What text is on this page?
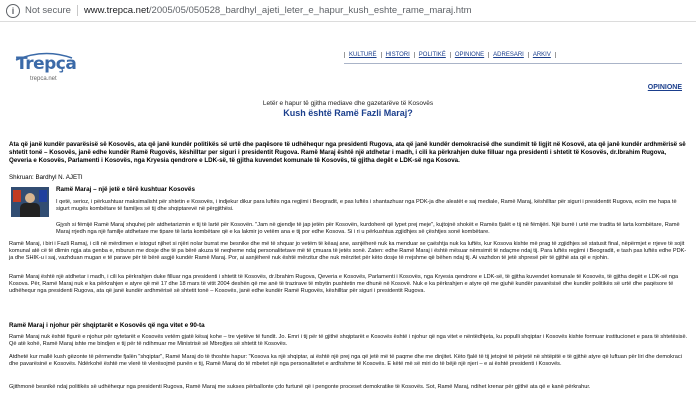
i	Not secure www.trepca.net/2005/05/050528_bardhyl_ajeti_leter_e_hapur_kush_eshte_rame_maraj.htm
Trepça
trepca.net
KULTURË	HISTORI	POLITIKË	OPINIONE	ADRESARI	ARKIV
OPINIONE
Letër e hapur të gjitha mediave dhe gazetarëve të Kosovës
Kush është Ramë Fazli Maraj?
Ata që janë kundër pavarësisë së Kosovës, ata që janë kundër politikës së urtë dhe paqësore të udhëhequr nga presidenti Rugova, ata që janë kundër demokracisë dhe sundimit të ligjit në Kosovë, ata që janë kundër ardhmërisë së shtetit tonë – Kosovës, janë edhe kundër Ramë Rugovës, këshilltar per siguri i presidentit Rugova. Ramë Maraj është një atdhetar i madh, i cili ka përkrahjen duke filluar nga presidenti i shtetit të Kosovës, dr.Ibrahim Rugova, Qeveria e Kosovës, Parlamenti i Kosovës, nga Kryesia qendrore e LDK-së, të gjitha kuvendet komunale të Kosovës, të gjitha degët e LDK-së nga Kosova.
Shkruan: Bardhyl N. AJETI
Ramë Maraj – një jetë e tërë kushtuar Kosovës
I qetë, serioz, i përkushtuar maksimalisht për shtetin e Kosovës, i indjekur dikur para luftës nga regjimi i Beogradit, e pas luftës i shantazhuar nga PDK-ja dhe aleatët e saj mediale, Ramë Maraj, këshilltar për siguri i presidentit Rugova, ecën me hapa të sigurt mugës kombëtare të familjes së tij dhe shqiptarevë në përgjithësi.
Gjysh si fëmijë Ramë Maraj shquhej për atdhetarizmin e tij të lartë për Kosovën. "Jam në gjendje të jap jetën për Kosovën, kurdoherë që lypet prej meje", kujtojnë shokët e Ramës fjalët e tij në fëmijëri. Një burrë i urtë me tradita të larta kombëtare, Ramë Maraj rrjedh nga një familje atdhetare me tipare të larta kombëtare që e ka lakmir jo vetëm ana e tij por edhe Kosova. Si i ri u përkushtua zgjidhjes së çështjes sonë kombëtare.
Ramë Maraj, i biri i Fazli Ramaj, i cili në mërdimen e istogut njihet si njëri nolar burrat me besnike dhe më të shquar jo vetëm të këaaj ane, asnjëherë nuk ka menduar se çaështja nuk ka luftës, kur Kosova kishte më prag të zgjidhjes së statusit final, nëpërmjet e rrjeve të sojit komunal atë cë të dlimin ngja ata genba e, mburun me dosje dhe të pa bërë akuza të neqheme ndaj personalitetave më të çmuara të jetës sonë. Zaten: edhe Ramë Maraj i është mësuar nëmsimit të ndaçme ndaj tij. Para luftës regjimi i Beogradit, e tash pas luftës edhe PDK-ja dhe SHIK-u i saj, vazhduan mugan e të parave për të bërë asgjë kundër Ramë Maraj. Por, ai asnjëherë nuk është mërzitur dhe nuk mërzitet për këto dosje të rrejshme që bëhen ndaj tij. Ai vazhdon të jetë shpresë për të gjithë ata që e njohin.
Ramë Maraj është një atdhetar i madh, i cili ka përkrahjen duke filluar nga presidenti i shtetit të Kosovës, dr.Ibrahim Rugova, Qeveria e Kosovës, Parlamenti i Kosovës, nga Kryesia qendrore e LDK-së, të gjitha kuvendet komunale të Kosovës, të gjitha degët e LDK-së nga Kosova. Për, Ramë Maraj nuk e ka përkrahjen e atyre që më 17 dhe 18 mars të vitit 2004 deshën që me anë të trazirave të mbytin pushtetin me dhunë në Kosovë. Nuk e ka përkrahjen e atyre që me gjuhë kundër pavarësisë dhe kundër politikës së urtë dhe paqësore të udhëhequr nga presidenti Rugova, ata që janë kundër ardhmërisë së shtetit tonë – Kosovës, janë edhe kundër Ramë Rugovës, këshilltar për siguri i presidentit Rugova.
Ramë Maraj i njohur për shqiptarët e Kosovës që nga vitet e 90-ta
Ramë Maraj nuk është figurë e njohur për qytetarët e Kosovës vetëm gjatë kësaj kohe – tre vjetëve të fundit. Jo. Emri i tij për të gjithë shqiptarët e Kosovës është i njohur që nga vitet e nëntëdhjeta, ku populli shqiptar i Kosovës kishte formuar institucionet e para të shtetësisë. Që atë kohë, Ramë Maraj ishte me bindjen e tij për të ndihmuar me Ministrisë së Mbrojtjes së shtetit të Kosovës.
Atdhetë kur mallë kush gëzonte të përmendte fjalën "shqiptar", Ramë Maraj do të thoshte hapur: "Kosova ka një shqiptar, ai është një prej nga që jetë më të paqme dhe me dinjitet. Këto fjalë të tij jetojnë të përjetë në shtëpitë e të gjithë atyre që luftuan për liri dhe demokraci dhe pavarësinë e Kosovës. Ndërkohë është me vlerë të vlerësojmë punën e tij, Ramë Maraj do të mbetet një nga personalitetet e ardhshme të Kosovës. E këtë më së miri do të bëjë një njeri – e ai është presidenti i Kosovës.
Gjithmonë besnikë ndaj politikës së udhëhequr nga presidenti Rugova, Ramë Maraj me sukses përballonte çdo furtunë që i pengonte proceset demokratike të Kosovës. Sot, Ramë Maraj, ndihet krenar për gjithë ata që e kanë përkrahur.
